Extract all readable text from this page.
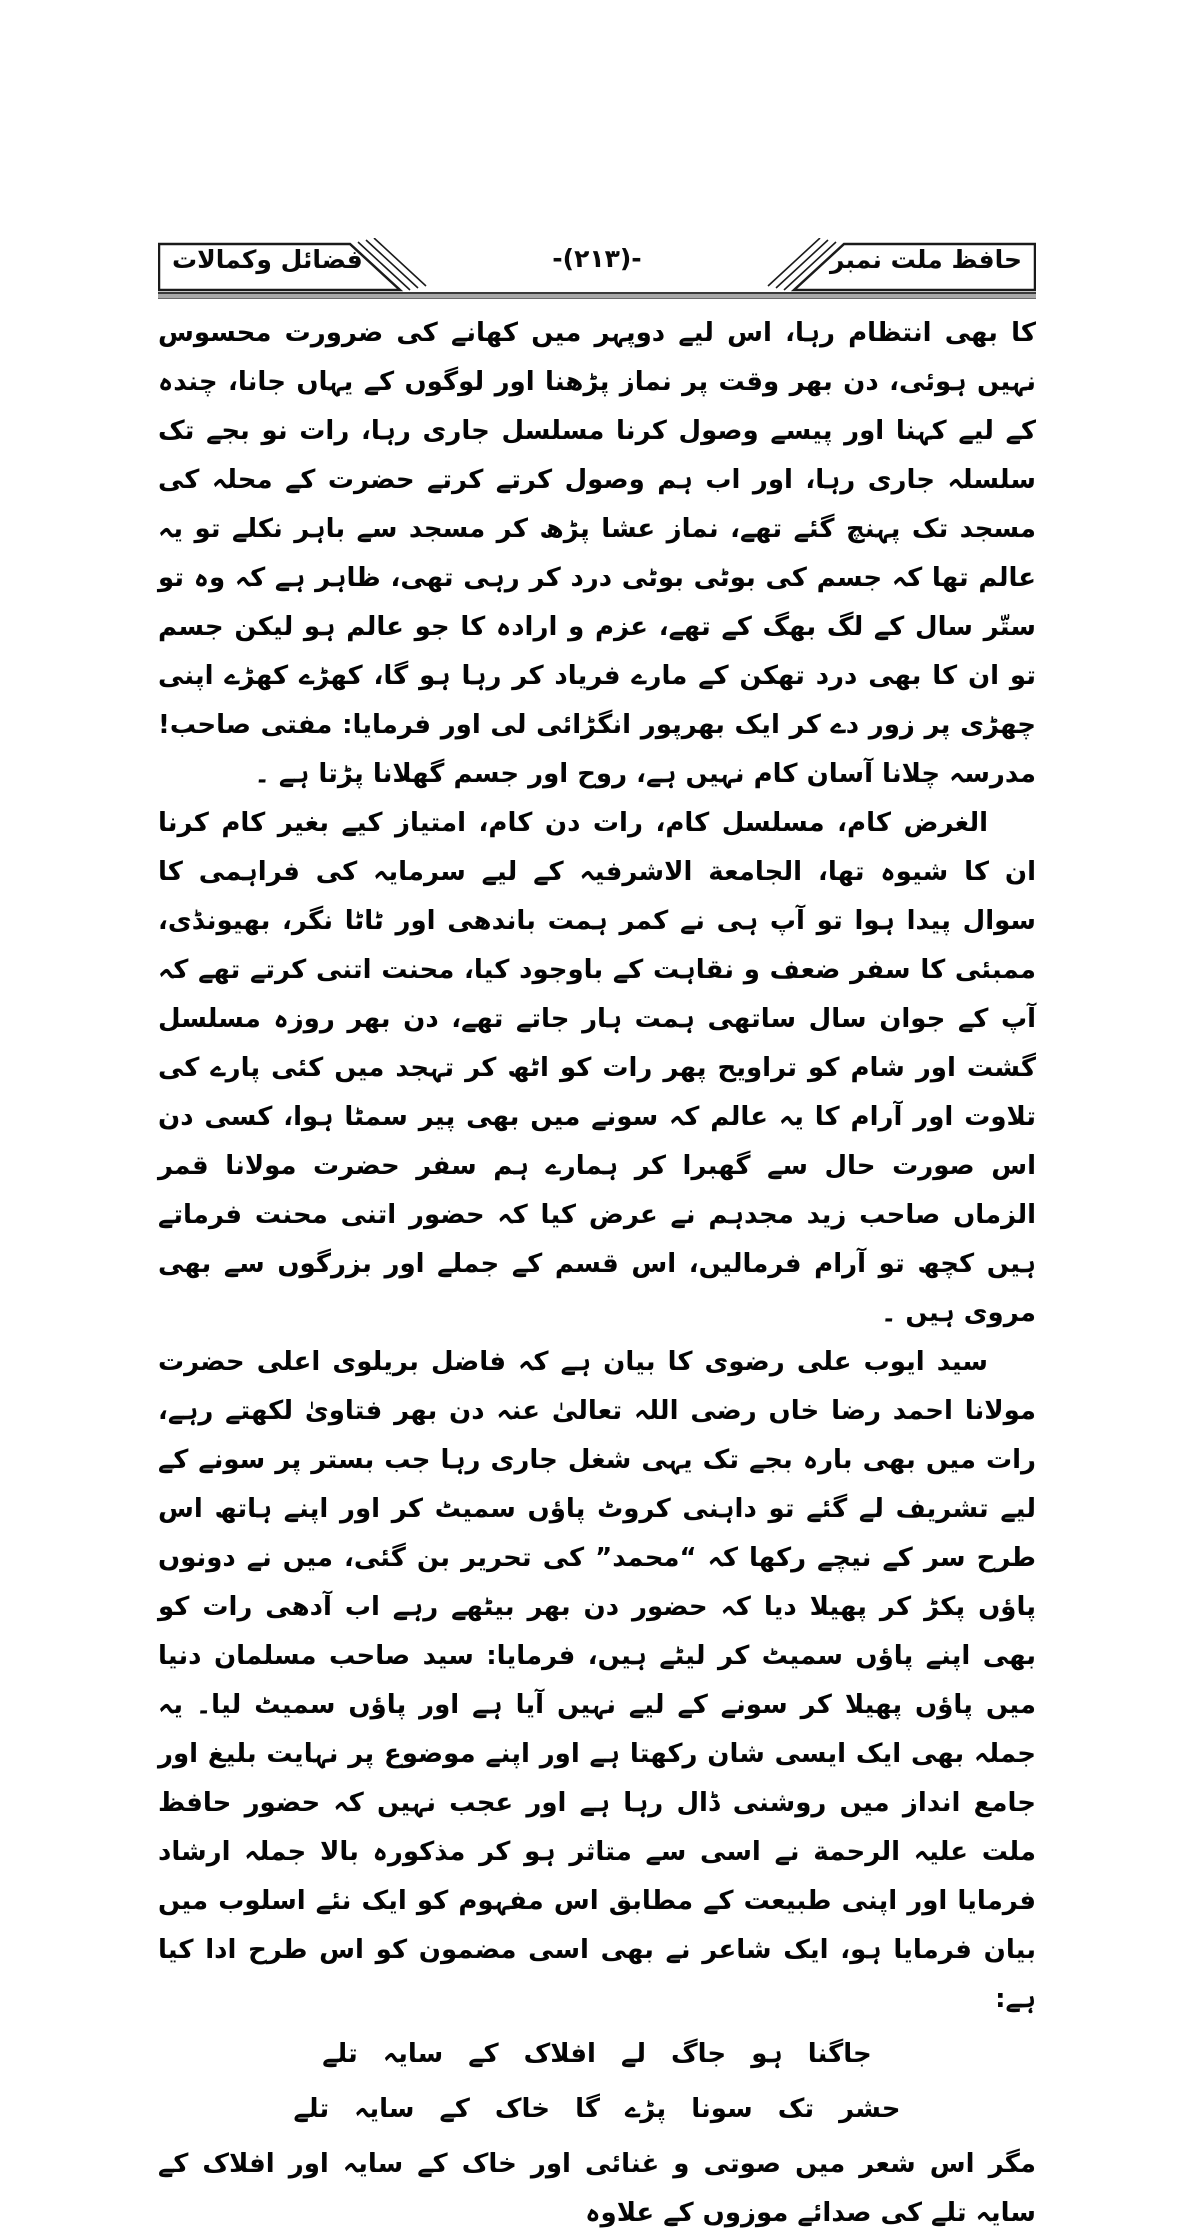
حافظ ملت نمبر
-(۲۱۳)-
فضائل وکمالات

کا بھی انتظام رہا، اس لیے دوپہر میں کھانے کی ضرورت محسوس نہیں ہوئی، دن بھر وقت پر نماز پڑھنا اور لوگوں کے یہاں جانا، چندہ کے لیے کہنا اور پیسے وصول کرنا مسلسل جاری رہا، رات نو بجے تک سلسلہ جاری رہا، اور اب ہم وصول کرتے کرتے حضرت کے محلہ کی مسجد تک پہنچ گئے تھے، نماز عشا پڑھ کر مسجد سے باہر نکلے تو یہ عالم تھا کہ جسم کی بوٹی بوٹی درد کر رہی تھی، ظاہر ہے کہ وہ تو ستّر سال کے لگ بھگ کے تھے، عزم و ارادہ کا جو عالم ہو لیکن جسم تو ان کا بھی درد تھکن کے مارے فریاد کر رہا ہو گا، کھڑے کھڑے اپنی چھڑی پر زور دے کر ایک بھرپور انگڑائی لی اور فرمایا: مفتی صاحب! مدرسہ چلانا آسان کام نہیں ہے، روح اور جسم گھلانا پڑتا ہے ۔

الغرض کام، مسلسل کام، رات دن کام، امتیاز کیے بغیر کام کرنا ان کا شیوہ تھا، الجامعة الاشرفیہ کے لیے سرمایہ کی فراہمی کا سوال پیدا ہوا تو آپ ہی نے کمر ہمت باندھی اور ٹاٹا نگر، بھیونڈی، ممبئی کا سفر ضعف و نقاہت کے باوجود کیا، محنت اتنی کرتے تھے کہ آپ کے جوان سال ساتھی ہمت ہار جاتے تھے، دن بھر روزہ مسلسل گشت اور شام کو تراویح پھر رات کو اٹھ کر تہجد میں کئی پارے کی تلاوت اور آرام کا یہ عالم کہ سونے میں بھی پیر سمٹا ہوا، کسی دن اس صورت حال سے گھبرا کر ہمارے ہم سفر حضرت مولانا قمر الزماں صاحب زید مجدہم نے عرض کیا کہ حضور اتنی محنت فرماتے ہیں کچھ تو آرام فرمالیں، اس قسم کے جملے اور بزرگوں سے بھی مروی ہیں ۔

سید ایوب علی رضوی کا بیان ہے کہ فاضل بریلوی اعلی حضرت مولانا احمد رضا خاں رضی اللہ تعالیٰ عنہ دن بھر فتاویٰ لکھتے رہے، رات میں بھی بارہ بجے تک یہی شغل جاری رہا جب بستر پر سونے کے لیے تشریف لے گئے تو داہنی کروٹ پاؤں سمیٹ کر اور اپنے ہاتھ اس طرح سر کے نیچے رکھا کہ “محمد” کی تحریر بن گئی، میں نے دونوں پاؤں پکڑ کر پھیلا دیا کہ حضور دن بھر بیٹھے رہے اب آدھی رات کو بھی اپنے پاؤں سمیٹ کر لیٹے ہیں، فرمایا: سید صاحب مسلمان دنیا میں پاؤں پھیلا کر سونے کے لیے نہیں آیا ہے اور پاؤں سمیٹ لیا۔ یہ جملہ بھی ایک ایسی شان رکھتا ہے اور اپنے موضوع پر نہایت بلیغ اور جامع انداز میں روشنی ڈال رہا ہے اور عجب نہیں کہ حضور حافظ ملت علیہ الرحمة نے اسی سے متاثر ہو کر مذکورہ بالا جملہ ارشاد فرمایا اور اپنی طبیعت کے مطابق اس مفہوم کو ایک نئے اسلوب میں بیان فرمایا ہو، ایک شاعر نے بھی اسی مضمون کو اس طرح ادا کیا ہے:

جاگنا ہو جاگ لے افلاک کے سایہ تلے
حشر تک سونا پڑے گا خاک کے سایہ تلے

مگر اس شعر میں صوتی و غنائی اور خاک کے سایہ اور افلاک کے سایہ تلے کی صدائے موزوں کے علاوہ
